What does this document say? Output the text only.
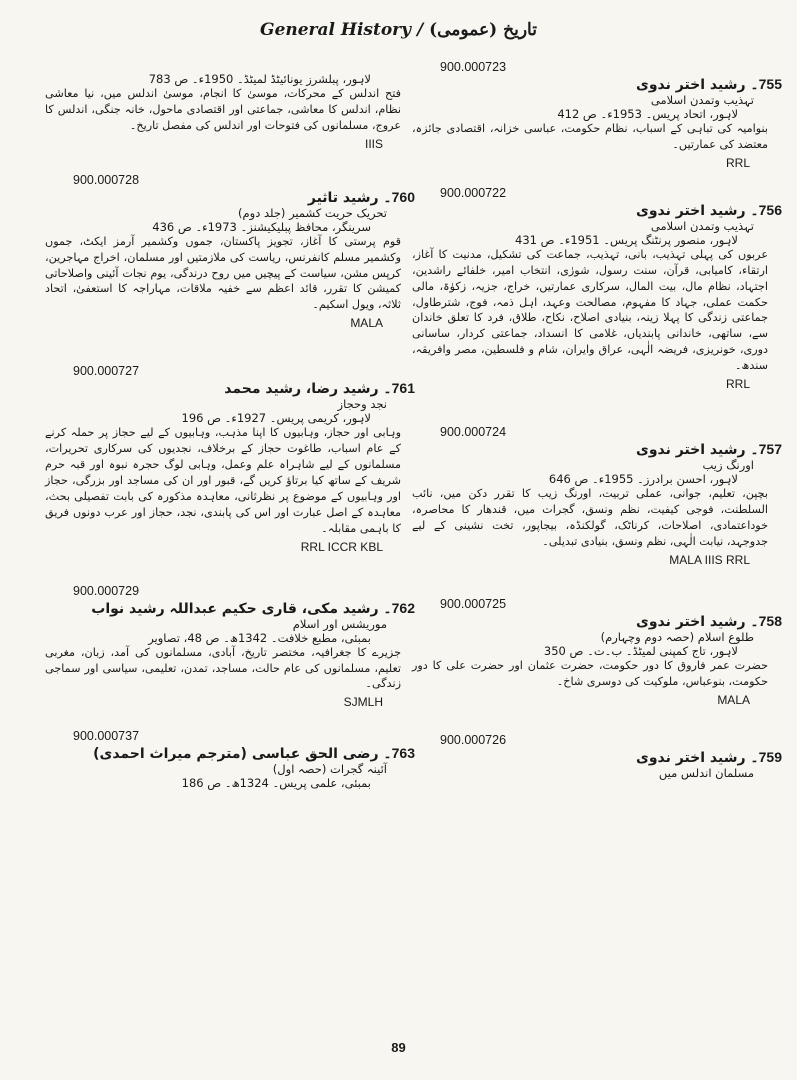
General History / تاریخ (عمومی)
900.000723
755۔ رشید اختر ندوی
تہذیب وتمدن اسلامی
لاہور، اتحاد پریس۔ 1953ء۔ ص 412
بنوامیہ کی تباہی کے اسباب، نظام حکومت، عباسی خزانہ، اقتصادی جائزہ، معتضد کی عمارتیں۔
RRL
900.000722
756۔ رشید اختر ندوی
تہذیب وتمدن اسلامی
لاہور، منصور پرنٹنگ پریس۔ 1951ء۔ ص 431
عربوں کی پہلی تہذیب، بانی، تہذیب، جماعت کی تشکیل، مدنیت کا آغاز، ارتقاء، کامیابی، قرآن، سنت رسول، شورٰی، انتخاب امیر، خلفائے راشدین، اجتہاد، نظام مال، بیت المال، سرکاری عمارتیں، خراج، جزیہ، زکوٰۃ، مالی حکمت عملی، جہاد کا مفہوم، مصالحت وعہد، اہل ذمہ، فوج، شترطاول، جماعتی زندگی کا پہلا زینہ، بنیادی اصلاح، نکاح، طلاق، فرد کا تعلق خاندان سے، ساتھی، خاندانی پابندیاں، غلامی کا انسداد، جماعتی کردار، ساسانی دوری، خونریزی، فریضہ الٰہی، عراق وایران، شام و فلسطین، مصر وافریقہ، سندھ۔
RRL
900.000724
757۔ رشید اختر ندوی
اورنگ زیب
لاہور، احسن برادرز۔ 1955ء۔ ص 646
بچپن، تعلیم، جوانی، عملی تربیت، اورنگ زیب کا تقرر دکن میں، نائب السلطنت، فوجی کیفیت، نظم ونسق، گجرات میں، قندھار کا محاصرہ، خوداعتمادی، اصلاحات، کرناٹک، گولکنڈہ، بیجاپور، تخت نشینی کے لیے جدوجہد، نیابت الٰہی، نظم ونسق، بنیادی تبدیلی۔
MALA IIIS RRL
900.000725
758۔ رشید اختر ندوی
طلوع اسلام (حصہ دوم وچہارم)
لاہور، تاج کمپنی لمیٹڈ۔ ب۔ت۔ ص 350
حضرت عمر فاروق کا دور حکومت، حضرت عثمان اور حضرت علی کا دور حکومت، بنوعباس، ملوکیت کی دوسری شاخ۔
MALA
900.000726
759۔ رشید اختر ندوی
مسلمان اندلس میں
لاہور، پبلشرز یونائیٹڈ لمیٹڈ۔ 1950ء۔ ص 783
فتح اندلس کے محرکات، موسیٰ کا انجام، موسیٰ اندلس میں، نیا معاشی نظام، اندلس کا معاشی، جماعتی اور اقتصادی ماحول، خانہ جنگی، اندلس کا عروج، مسلمانوں کی فتوحات اور اندلس کی مفصل تاریخ۔
IIIS
900.000728
760۔ رشید تاثیر
تحریک حریت کشمیر (جلد دوم)
سرینگر، محافظ پبلیکیشنز۔ 1973ء۔ ص 436
قوم پرستی کا آغاز، تجویز پاکستان، جموں وکشمیر آرمز ایکٹ، جموں وکشمیر مسلم کانفرنس، ریاست کی ملازمتیں اور مسلمان، اخراج مہاجرین، کرپس مشن، سیاست کے پیچیں میں روح درندگی، یوم نجات آئینی واصلاحاتی کمیشن کا تقرر، قائد اعظم سے خفیہ ملاقات، مہاراجہ کا استعفیٰ، اتحاد ثلاثہ، ویول اسکیم۔
MALA
900.000727
761۔ رشید رضا، رشید محمد
نجد وحجاز
لاہور، کریمی پریس۔ 1927ء۔ ص 196
وہابی اور حجاز، وہابیوں کا اپنا مذہب، وہابیوں کے لیے حجاز پر حملہ کرنے کے عام اسباب، طاغوت حجاز کے برخلاف، نجدیوں کی سرکاری تحریرات، مسلمانوں کے لیے شاہراہ علم وعمل، وہابی لوگ حجرہ نبوہ اور قبہ حرم شریف کے ساتھ کیا برتاؤ کریں گے، قبور اور ان کی مساجد اور بزرگی، حجاز اور وہابیوں کے موضوع پر نظرثانی، معاہدہ مذکورہ کی بابت تفصیلی بحث، معاہدہ کے اصل عبارت اور اس کی پابندی، نجد، حجاز اور عرب دونوں فریق کا باہمی مقابلہ۔
RRL ICCR KBL
900.000729
762۔ رشید مکی، قاری حکیم عبداللہ رشید نواب
موریشس اور اسلام
بمبئی، مطبع خلافت۔ 1342ھ۔ ص 48، تصاویر
جزیرے کا جغرافیہ، مختصر تاریخ، آبادی، مسلمانوں کی آمد، زبان، مغربی تعلیم، مسلمانوں کی عام حالت، مساجد، تمدن، تعلیمی، سیاسی اور سماجی زندگی۔
SJMLH
900.000737
763۔ رضی الحق عباسی (مترجم میراث احمدی)
آئینہ گجرات (حصہ اول)
بمبئی، علمی پریس۔ 1324ھ۔ ص 186
89
